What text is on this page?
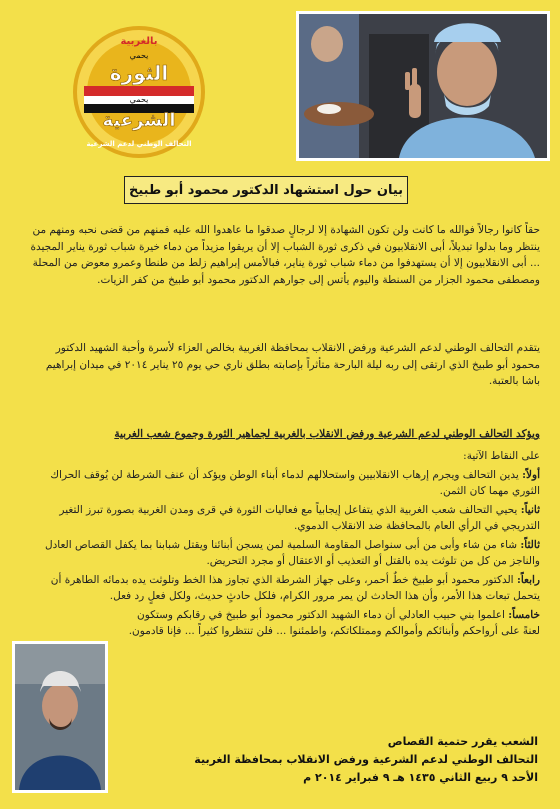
بالغربية
يحمي
الثورة
يحمي
الشرعية
التحالف الوطني لدعم الشرعية
بيان حول استشهاد الدكتور محمود أبو طبيخ
حقاً كانوا رجالاً فوالله ما كانت ولن تكون الشهادة إلا لرجالٍ صدقوا ما عاهدوا الله عليه فمنهم من قضى نحبه ومنهم من ينتظر وما بدلوا تبديلاً، أبى الانقلابيون في ذكرى ثورة الشباب إلا أن يريقوا مزيداً من دماء خيرة شباب ثورة يناير المجيدة ... أبى الانقلابيون إلا أن يستهدفوا من دماء شباب ثورة يناير، فبالأمس إبراهيم زلط من طنطا وعمرو معوض من المحلة ومصطفى محمود الجزار من السنطة واليوم يأتس إلى جوارهم الدكتور محمود أبو طبيخ من كفر الزيات.
يتقدم التحالف الوطني لدعم الشرعية ورفض الانقلاب بمحافظة الغربية بخالص العزاء لأسرة وأحبة الشهيد الدكتور محمود أبو طبيخ الذي ارتقى إلى ربه ليلة البارحة متأثراً بإصابته بطلق ناري حي يوم ٢٥ يناير ٢٠١٤ في ميدان إبراهيم باشا بالعتبة.
ويؤكد التحالف الوطني لدعم الشرعية ورفض الانقلاب بالغربية لجماهير الثورة وجموع شعب الغربية
على النقاط الآتية:
أولاً: يدين التحالف ويجرم إرهاب الانقلابيين واستحلالهم لدماء أبناء الوطن ويؤكد أن عنف الشرطة لن يُوقف الحراك الثوري مهما كان الثمن.
ثانياً: يحيي التحالف شعب الغربية الذي يتفاعل إيجابياً مع فعاليات الثورة في قرى ومدن الغربية بصورة تبرز التغير التدريجي في الرأي العام بالمحافظة ضد الانقلاب الدموي.
ثالثاً: شاء من شاء وأبى من أبى سنواصل المقاومة السلمية لمن يسجن أبنائنا ويقتل شبابنا بما يكفل القصاص العادل والناجز من كل من تلوثت يده بالقتل أو التعذيب أو الاعتقال أو مجرد التحريض.
رابعاً: الدكتور محمود أبو طبيخ خطٌ أحمر، وعلى جهاز الشرطة الذي تجاوز هذا الخط وتلوثت يده بدمائه الطاهرة أن يتحمل تبعات هذا الأمر، وأن هذا الحادث لن يمر مرور الكرام، فلكل حادثٍ حديث، ولكل فعلٍ رد فعل.
خامساً: اعلموا بني حبيب العادلي أن دماء الشهيد الدكتور محمود أبو طبيخ في رقابكم وستكون لعنةً على أرواحكم وأبنائكم وأموالكم وممتلكاتكم، واطمئنوا ... فلن تنتظروا كثيراً ... فإنا قادمون.
الشعب يقرر حتمية القصاص
التحالف الوطني لدعم الشرعية ورفض الانقلاب بمحافظة الغربية
الأحد ٩ ربيع الثاني ١٤٣٥ هـ ٩ فبراير ٢٠١٤ م
